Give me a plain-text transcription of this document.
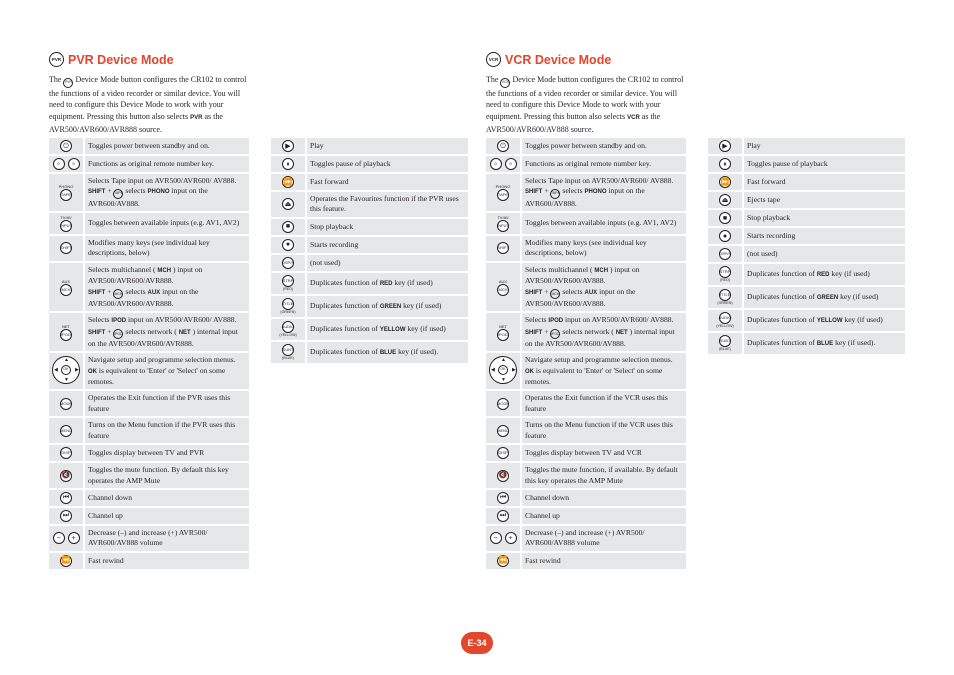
PVR PVR Device Mode

The PVR Device Mode button configures the CR102 to control the functions of a video recorder or similar device. You will need to configure this Device Mode to work with your equipment. Pressing this button also selects PVR as the AVR500/AVR600/AVR888 source.

⏻	Toggles power between standby and on.

0 9	Functions as original remote number key.

PHONO
TAPE	Selects Tape input on AVR500/AVR600/ AV888.
SHIFT + TAPE selects PHONO input on the AVR600/AV888.

TV/AV
INPUT	Toggles between available inputs (e.g. AV1, AV2)
SHIFT	Modifies many keys (see individual key descriptions, below)

AUX
MCH	Selects multichannel ( MCH ) input on AVR500/AVR600/AVR888.
SHIFT + MCH selects AUX input on the AVR500/AVR600/AVR888.

NET
iPOD	Selects IPOD input on AVR500/AVR600/ AV888.
SHIFT + iPOD selects network ( NET ) internal input on the AVR500/AVR600/AVR888.

▲
▼
◀ ▶
OK	Navigate setup and programme selection menus.
OK is equivalent to 'Enter' or 'Select' on some remotes.
MODE	Operates the Exit function if the PVR uses this feature
MENU	Turns on the Menu function if the PVR uses this feature
DISP	Toggles display between TV and PVR
🔇	Toggles the mute function. By default this key operates the AMP Mute
⏮	Channel down
⏭	Channel up

− +	Decrease (–) and increase (+) AVR500/ AVR600/AV888 volume
⏪	Fast rewind
▶	Play
⏸	Toggles pause of playback
⏩	Fast forward
⏏	Operates the Favourites function if the PVR uses this feature.
■	Stop playback
●	Starts recording
DSP/S	(not used)
STRP
(RED)	Duplicates function of RED key (if used)
TITLE
(GREEN)	Duplicates function of GREEN key (if used)
AUDIO
(YELLOW)	Duplicates function of YELLOW key (if used)
SUBT
(BLUE)	Duplicates function of BLUE key (if used).
VCR VCR Device Mode

The VCR Device Mode button configures the CR102 to control the functions of a video recorder or similar device. You will need to configure this Device Mode to work with your equipment. Pressing this button also selects VCR as the AVR500/AVR600/AV888 source.

⏻	Toggles power between standby and on.

0 9	Functions as original remote number key.

PHONO
TAPE	Selects Tape input on AVR500/AVR600/ AV888.
SHIFT + TAPE selects PHONO input on the AVR600/AV888.

TV/AV
INPUT	Toggles between available inputs (e.g. AV1, AV2)
SHIFT	Modifies many keys (see individual key descriptions, below)

AUX
MCH	Selects multichannel ( MCH ) input on AVR500/AVR600/AV888.
SHIFT + MCH selects AUX input on the AVR500/AVR600/AV888.

NET
iPOD	Selects IPOD input on AVR500/AVR600/ AV888.
SHIFT + iPOD selects network ( NET ) internal input on the AVR500/AVR600/AV888.

▲
▼
◀ ▶
OK	Navigate setup and programme selection menus.
OK is equivalent to 'Enter' or 'Select' on some remotes.
MODE	Operates the Exit function if the VCR uses this feature
MENU	Turns on the Menu function if the VCR uses this feature
DISP	Toggles display between TV and VCR
🔇	Toggles the mute function, if available. By default this key operates the AMP Mute
⏮	Channel down
⏭	Channel up

− +	Decrease (–) and increase (+) AVR500/ AVR600/AV888 volume
⏪	Fast rewind
▶	Play
⏸	Toggles pause of playback
⏩	Fast forward
⏏	Ejects tape
■	Stop playback
●	Starts recording
DSP/S	(not used)
STRP
(RED)	Duplicates function of RED key (if used)
TITLE
(GREEN)	Duplicates function of GREEN key (if used)
AUDIO
(YELLOW)	Duplicates function of YELLOW key (if used)
SUBT
(BLUE)	Duplicates function of BLUE key (if used).
E-34
